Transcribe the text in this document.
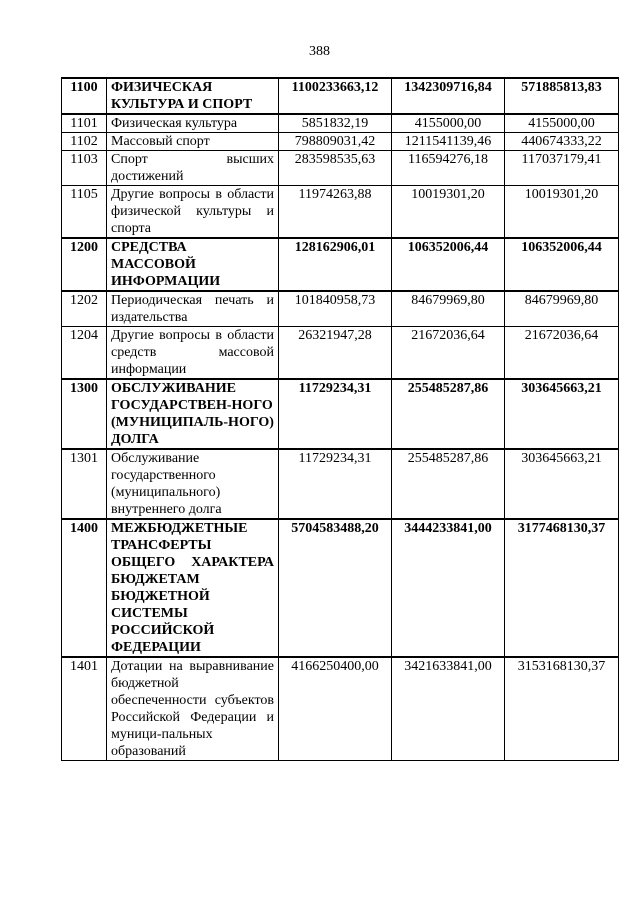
388
1100	ФИЗИЧЕСКАЯ КУЛЬТУРА И СПОРТ	1100233663,12	1342309716,84	571885813,83
1101	Физическая культура	5851832,19	4155000,00	4155000,00
1102	Массовый спорт	798809031,42	1211541139,46	440674333,22
1103	Спорт высших достижений	283598535,63	116594276,18	117037179,41
1105	Другие вопросы в области физической культуры и спорта	11974263,88	10019301,20	10019301,20
1200	СРЕДСТВА МАССОВОЙ ИНФОРМАЦИИ	128162906,01	106352006,44	106352006,44
1202	Периодическая печать и издательства	101840958,73	84679969,80	84679969,80
1204	Другие вопросы в области средств массовой информации	26321947,28	21672036,64	21672036,64
1300	ОБСЛУЖИВАНИЕ ГОСУДАРСТВЕН-НОГО (МУНИЦИПАЛЬ-НОГО) ДОЛГА	11729234,31	255485287,86	303645663,21
1301	Обслуживание государственного (муниципального) внутреннего долга	11729234,31	255485287,86	303645663,21
1400	МЕЖБЮДЖЕТНЫЕ ТРАНСФЕРТЫ ОБЩЕГО ХАРАКТЕРА БЮДЖЕТАМ БЮДЖЕТНОЙ СИСТЕМЫ РОССИЙСКОЙ ФЕДЕРАЦИИ	5704583488,20	3444233841,00	3177468130,37
1401	Дотации на выравнивание бюджетной обеспеченности субъектов Российской Федерации и муници-пальных образований	4166250400,00	3421633841,00	3153168130,37
